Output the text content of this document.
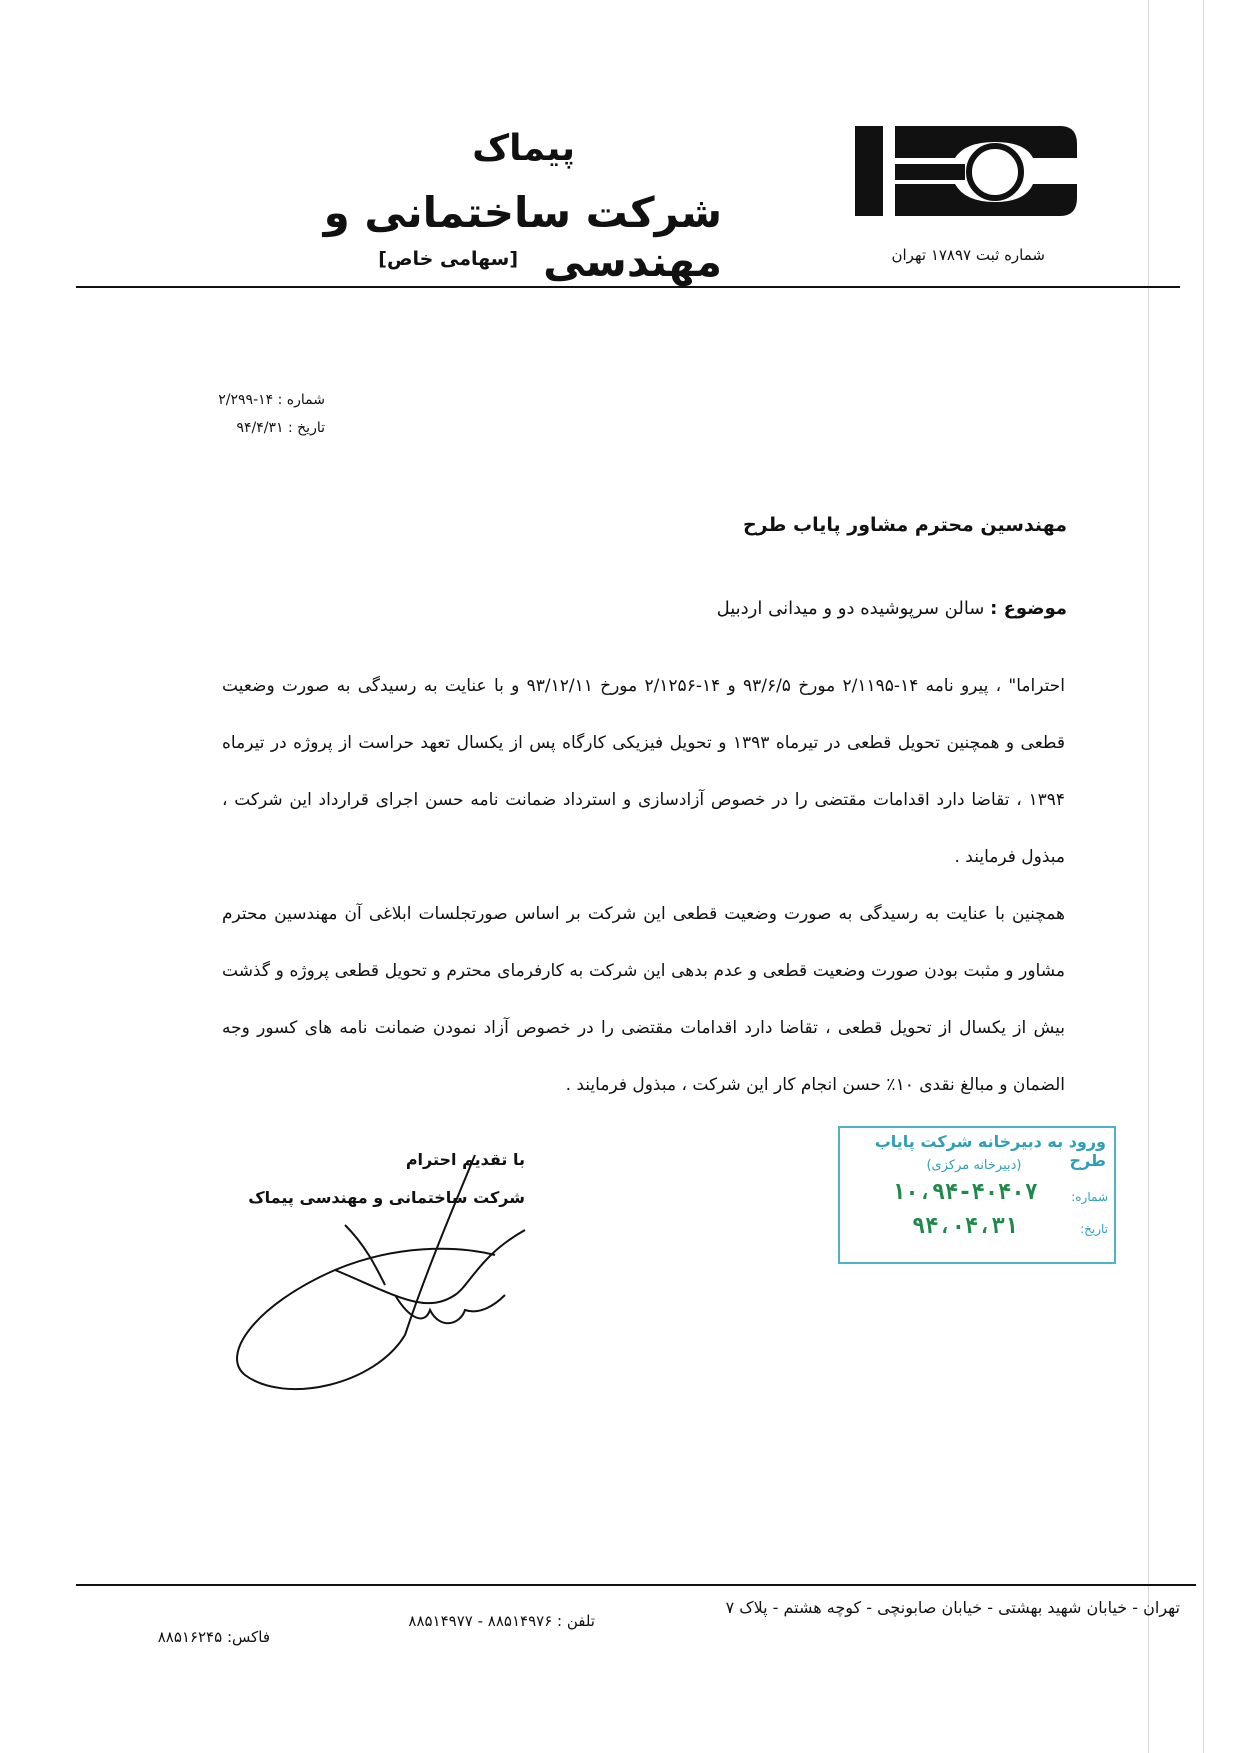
پیماک
شرکت ساختمانی و مهندسی
[سهامی خاص]	شماره ثبت ۱۷۸۹۷ تهران
شماره : ۱۴-۲/۲۹۹
تاریخ : ۹۴/۴/۳۱
مهندسین محترم مشاور پایاب طرح
موضوع : سالن سرپوشیده دو و میدانی اردبیل

احتراما" ، پیرو نامه ۱۴-۲/۱۱۹۵ مورخ ۹۳/۶/۵ و ۱۴-۲/۱۲۵۶ مورخ ۹۳/۱۲/۱۱ و با عنایت به رسیدگی به صورت وضعیت قطعی و همچنین تحویل قطعی در تیرماه ۱۳۹۳ و تحویل فیزیکی کارگاه پس از یکسال تعهد حراست از پروژه در تیرماه ۱۳۹۴ ، تقاضا دارد اقدامات مقتضی را در خصوص آزادسازی و استرداد ضمانت نامه حسن اجرای قرارداد این شرکت ، مبذول فرمایند .

همچنین با عنایت به رسیدگی به صورت وضعیت قطعی این شرکت بر اساس صورتجلسات ابلاغی آن مهندسین محترم مشاور و مثبت بودن صورت وضعیت قطعی و عدم بدهی این شرکت به کارفرمای محترم و تحویل قطعی پروژه و گذشت بیش از یکسال از تحویل قطعی ، تقاضا دارد اقدامات مقتضی را در خصوص آزاد نمودن ضمانت نامه های کسور وجه الضمان و مبالغ نقدی ۱۰٪ حسن انجام کار این شرکت ، مبذول فرمایند .

با تقدیم احترام
شرکت ساختمانی و مهندسی پیماک
ورود به دبیرخانه شرکت پایاب طرح
(دبیرخانه مرکزی)
شماره:
۱۰،۹۴-۴۰۴۰۷
تاریخ:
۹۴،۰۴،۳۱
تهران - خیابان شهید بهشتی - خیابان صابونچی - کوچه هشتم - پلاک ۷
تلفن : ۸۸۵۱۴۹۷۶ - ۸۸۵۱۴۹۷۷
فاکس: ۸۸۵۱۶۲۴۵
